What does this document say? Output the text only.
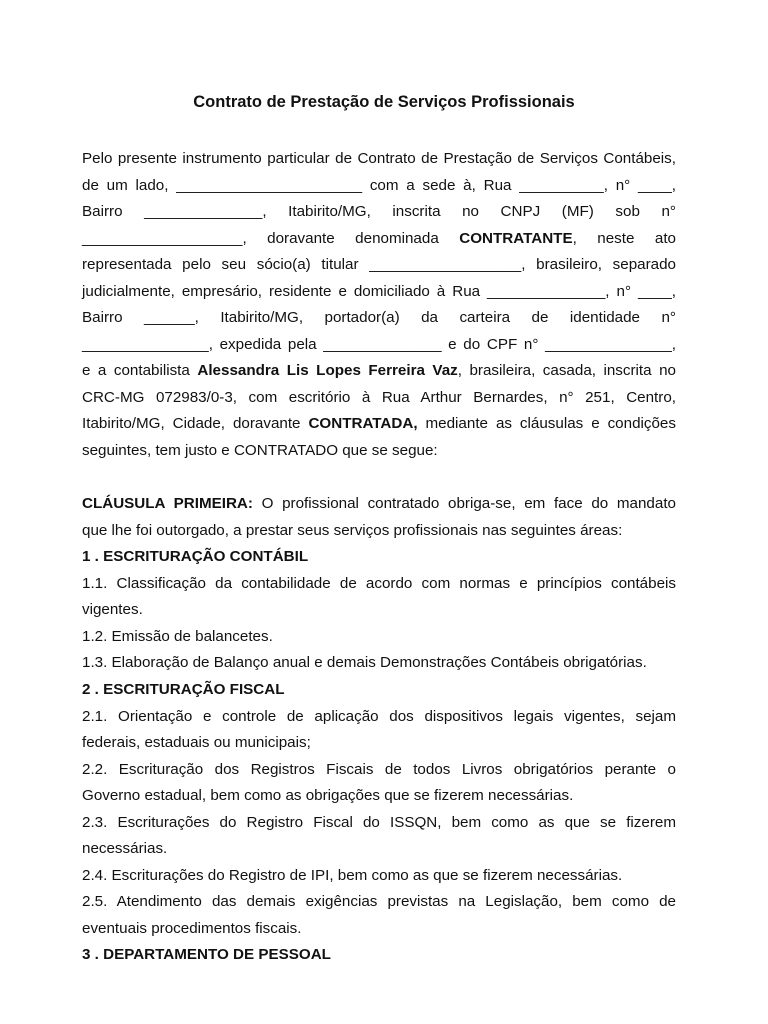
Contrato de Prestação de Serviços Profissionais
Pelo presente instrumento particular de Contrato de Prestação de Serviços Contábeis,
de um lado, ______________________ com a sede à, Rua __________, n° ____,
Bairro ______________, Itabirito/MG, inscrita no CNPJ (MF) sob n°
___________________, doravante denominada CONTRATANTE, neste ato
representada pelo seu sócio(a) titular __________________, brasileiro, separado
judicialmente, empresário, residente e domiciliado à Rua ______________, n° ____,
Bairro ______, Itabirito/MG, portador(a) da carteira de identidade n°
_______________, expedida pela ______________ e do CPF n° _______________,
e a contabilista Alessandra Lis Lopes Ferreira Vaz, brasileira, casada, inscrita no
CRC-MG 072983/0-3, com escritório à Rua Arthur Bernardes, n° 251, Centro,
Itabirito/MG, Cidade, doravante CONTRATADA, mediante as cláusulas e condições
seguintes, tem justo e CONTRATADO que se segue:
CLÁUSULA PRIMEIRA: O profissional contratado obriga-se, em face do mandato
que lhe foi outorgado, a prestar seus serviços profissionais nas seguintes áreas:
1 . ESCRITURAÇÃO CONTÁBIL
1.1. Classificação da contabilidade de acordo com normas e princípios contábeis
vigentes.
1.2. Emissão de balancetes.
1.3. Elaboração de Balanço anual e demais Demonstrações Contábeis obrigatórias.
2 . ESCRITURAÇÃO FISCAL
2.1. Orientação e controle de aplicação dos dispositivos legais vigentes, sejam
federais, estaduais ou municipais;
2.2. Escrituração dos Registros Fiscais de todos Livros obrigatórios perante o
Governo estadual, bem como as obrigações que se fizerem necessárias.
2.3. Escriturações do Registro Fiscal do ISSQN, bem como as que se fizerem
necessárias.
2.4. Escriturações do Registro de IPI, bem como as que se fizerem necessárias.
2.5. Atendimento das demais exigências previstas na Legislação, bem como de
eventuais procedimentos fiscais.
3 . DEPARTAMENTO DE PESSOAL
